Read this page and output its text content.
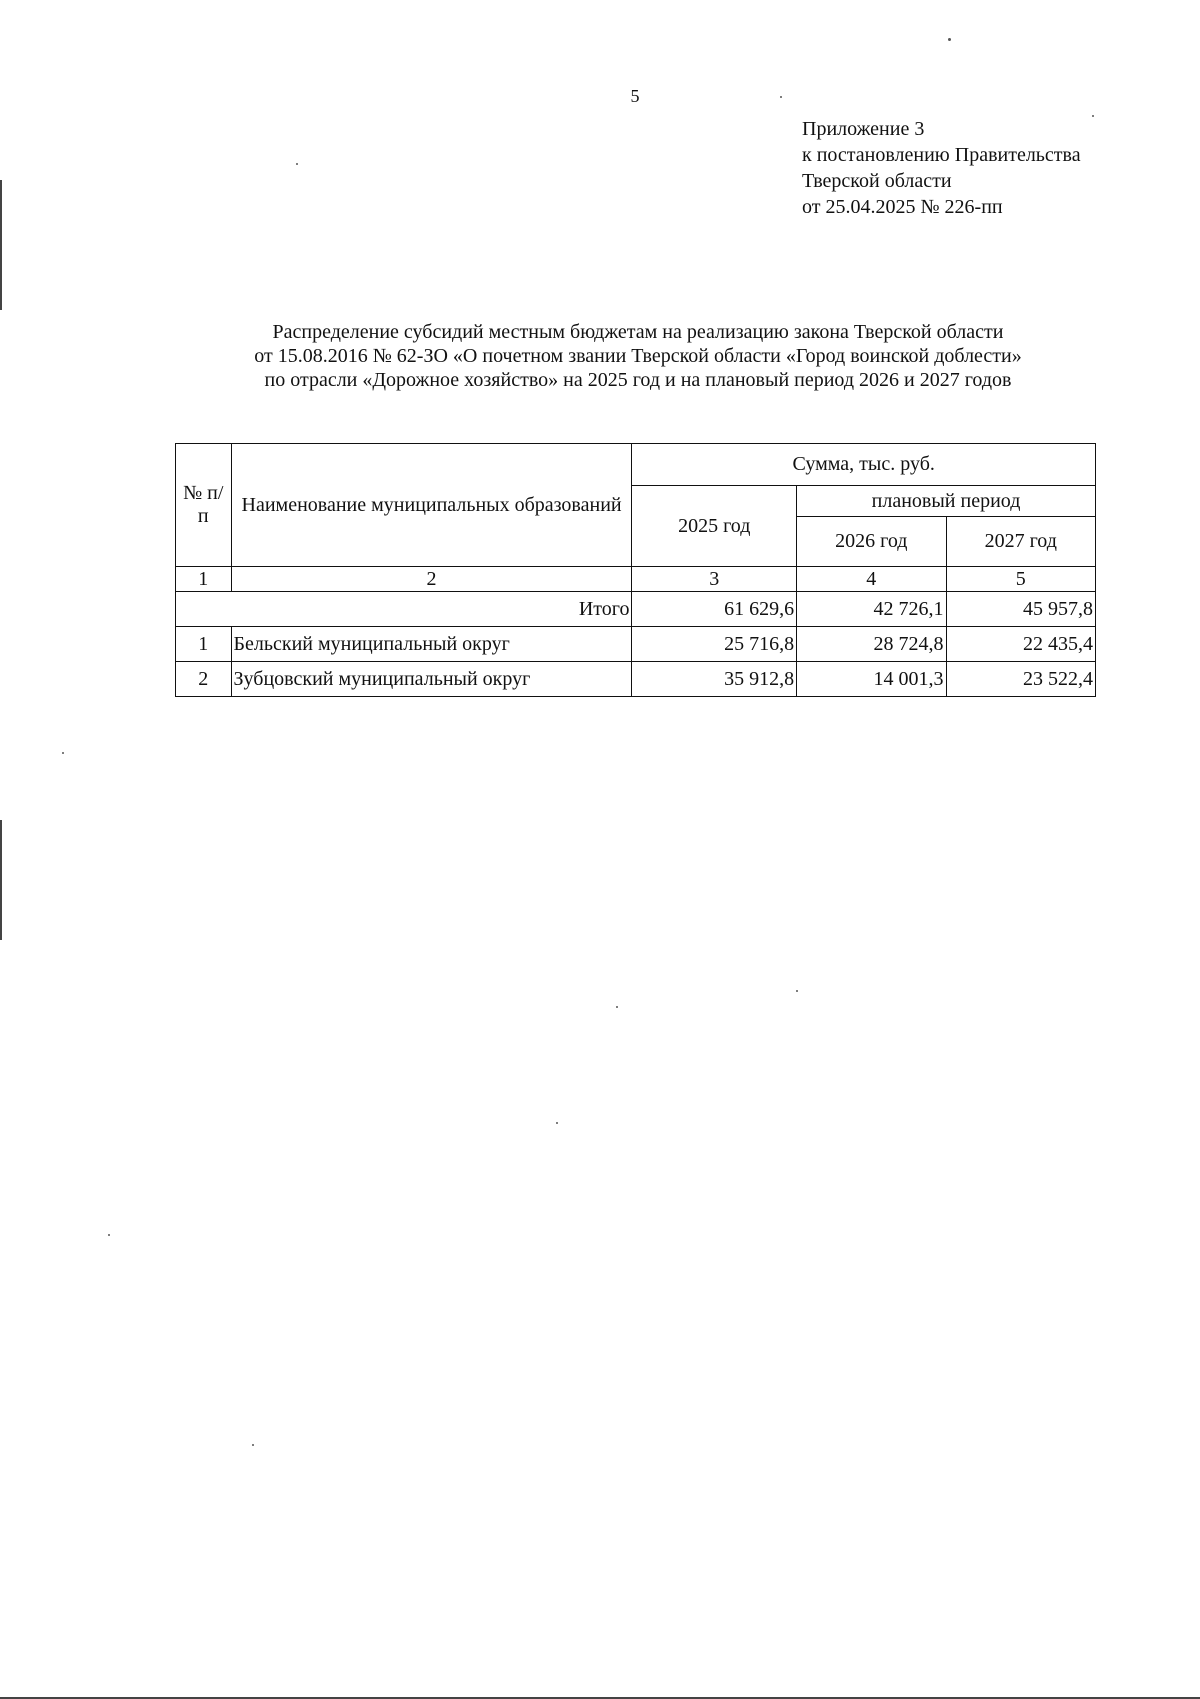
5
Приложение 3
к постановлению Правительства
Тверской области
от 25.04.2025 № 226-пп
Распределение субсидий местным бюджетам на реализацию закона Тверской области
от 15.08.2016 № 62-ЗО «О почетном звании Тверской области «Город воинской доблести»
по отрасли «Дорожное хозяйство» на 2025 год и на плановый период 2026 и 2027 годов
№ п/п	Наименование муниципальных образований	Сумма, тыс. руб.		
		2025 год	плановый период	
			2026 год	2027 год
1	2	3	4	5
Итого		61 629,6	42 726,1	45 957,8
1	Бельский муниципальный округ	25 716,8	28 724,8	22 435,4
2	Зубцовский муниципальный округ	35 912,8	14 001,3	23 522,4
